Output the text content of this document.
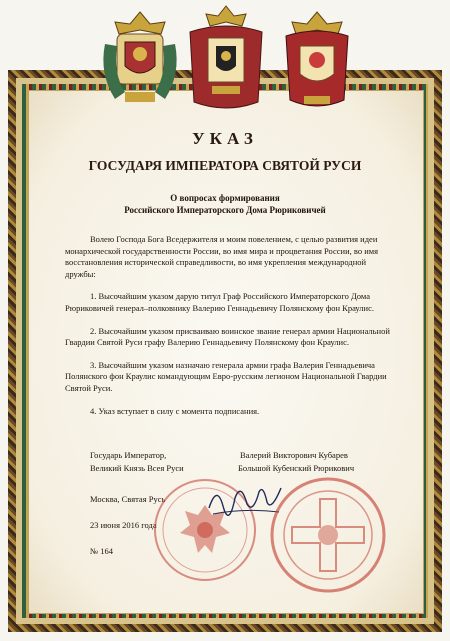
УКАЗ
ГОСУДАРЯ ИМПЕРАТОРА СВЯТОЙ РУСИ
О вопросах формирования
Российского Императорского Дома Рюриковичей

Волею Господа Бога Вседержителя и моим повелением, с целью развития идеи монархической государственности России, во имя мира и процветания России, во имя восстановления исторической справедливости, во имя укрепления международной дружбы:

1. Высочайшим указом дарую титул Граф Российского Императорского Дома Рюриковичей генерал–полковнику Валерию Геннадьевичу Полянскому фон Краулис.

2. Высочайшим указом присваиваю воинское звание генерал армии Национальной Гвардии Святой Руси графу Валерию Геннадьевичу Полянскому фон Краулис.

3. Высочайшим указом назначаю генерала армии графа Валерия Геннадьевича Полянского фон Краулис командующим Евро-русским легионом Национальной Гвардии Святой Руси.

4. Указ вступает в силу с момента подписания.

Государь Император,
Великий Князь Всея Руси
Валерий Викторович Кубарев
Большой Кубенский Рюрикович
Москва, Святая Русь
23 июня 2016 года
№ 164
